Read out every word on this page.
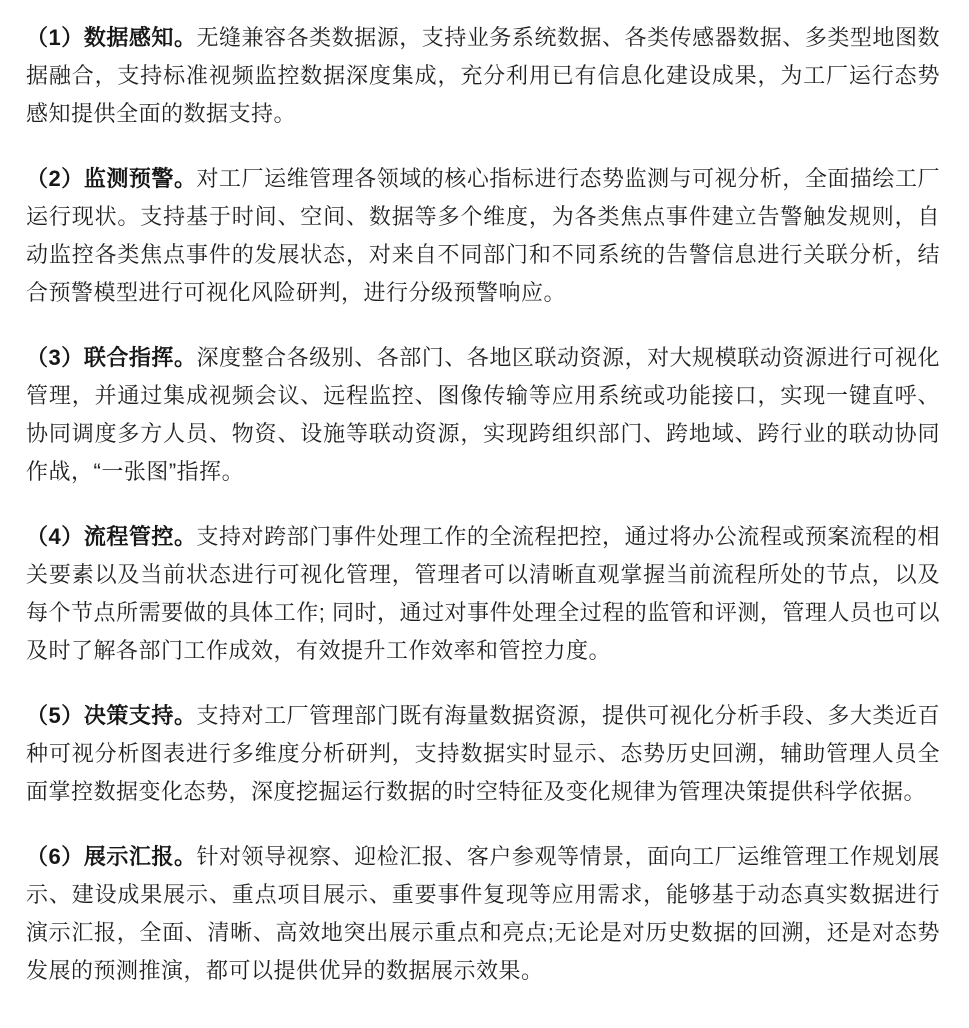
（1）数据感知。无缝兼容各类数据源，支持业务系统数据、各类传感器数据、多类型地图数据融合，支持标准视频监控数据深度集成，充分利用已有信息化建设成果，为工厂运行态势感知提供全面的数据支持。

（2）监测预警。对工厂运维管理各领域的核心指标进行态势监测与可视分析，全面描绘工厂运行现状。支持基于时间、空间、数据等多个维度，为各类焦点事件建立告警触发规则，自动监控各类焦点事件的发展状态，对来自不同部门和不同系统的告警信息进行关联分析，结合预警模型进行可视化风险研判，进行分级预警响应。

（3）联合指挥。深度整合各级别、各部门、各地区联动资源，对大规模联动资源进行可视化管理，并通过集成视频会议、远程监控、图像传输等应用系统或功能接口，实现一键直呼、协同调度多方人员、物资、设施等联动资源，实现跨组织部门、跨地域、跨行业的联动协同作战，“一张图”指挥。

（4）流程管控。支持对跨部门事件处理工作的全流程把控，通过将办公流程或预案流程的相关要素以及当前状态进行可视化管理，管理者可以清晰直观掌握当前流程所处的节点，以及每个节点所需要做的具体工作; 同时，通过对事件处理全过程的监管和评测，管理人员也可以及时了解各部门工作成效，有效提升工作效率和管控力度。

（5）决策支持。支持对工厂管理部门既有海量数据资源，提供可视化分析手段、多大类近百种可视分析图表进行多维度分析研判，支持数据实时显示、态势历史回溯，辅助管理人员全面掌控数据变化态势，深度挖掘运行数据的时空特征及变化规律为管理决策提供科学依据。

（6）展示汇报。针对领导视察、迎检汇报、客户参观等情景，面向工厂运维管理工作规划展示、建设成果展示、重点项目展示、重要事件复现等应用需求，能够基于动态真实数据进行演示汇报，全面、清晰、高效地突出展示重点和亮点;无论是对历史数据的回溯，还是对态势发展的预测推演，都可以提供优异的数据展示效果。
